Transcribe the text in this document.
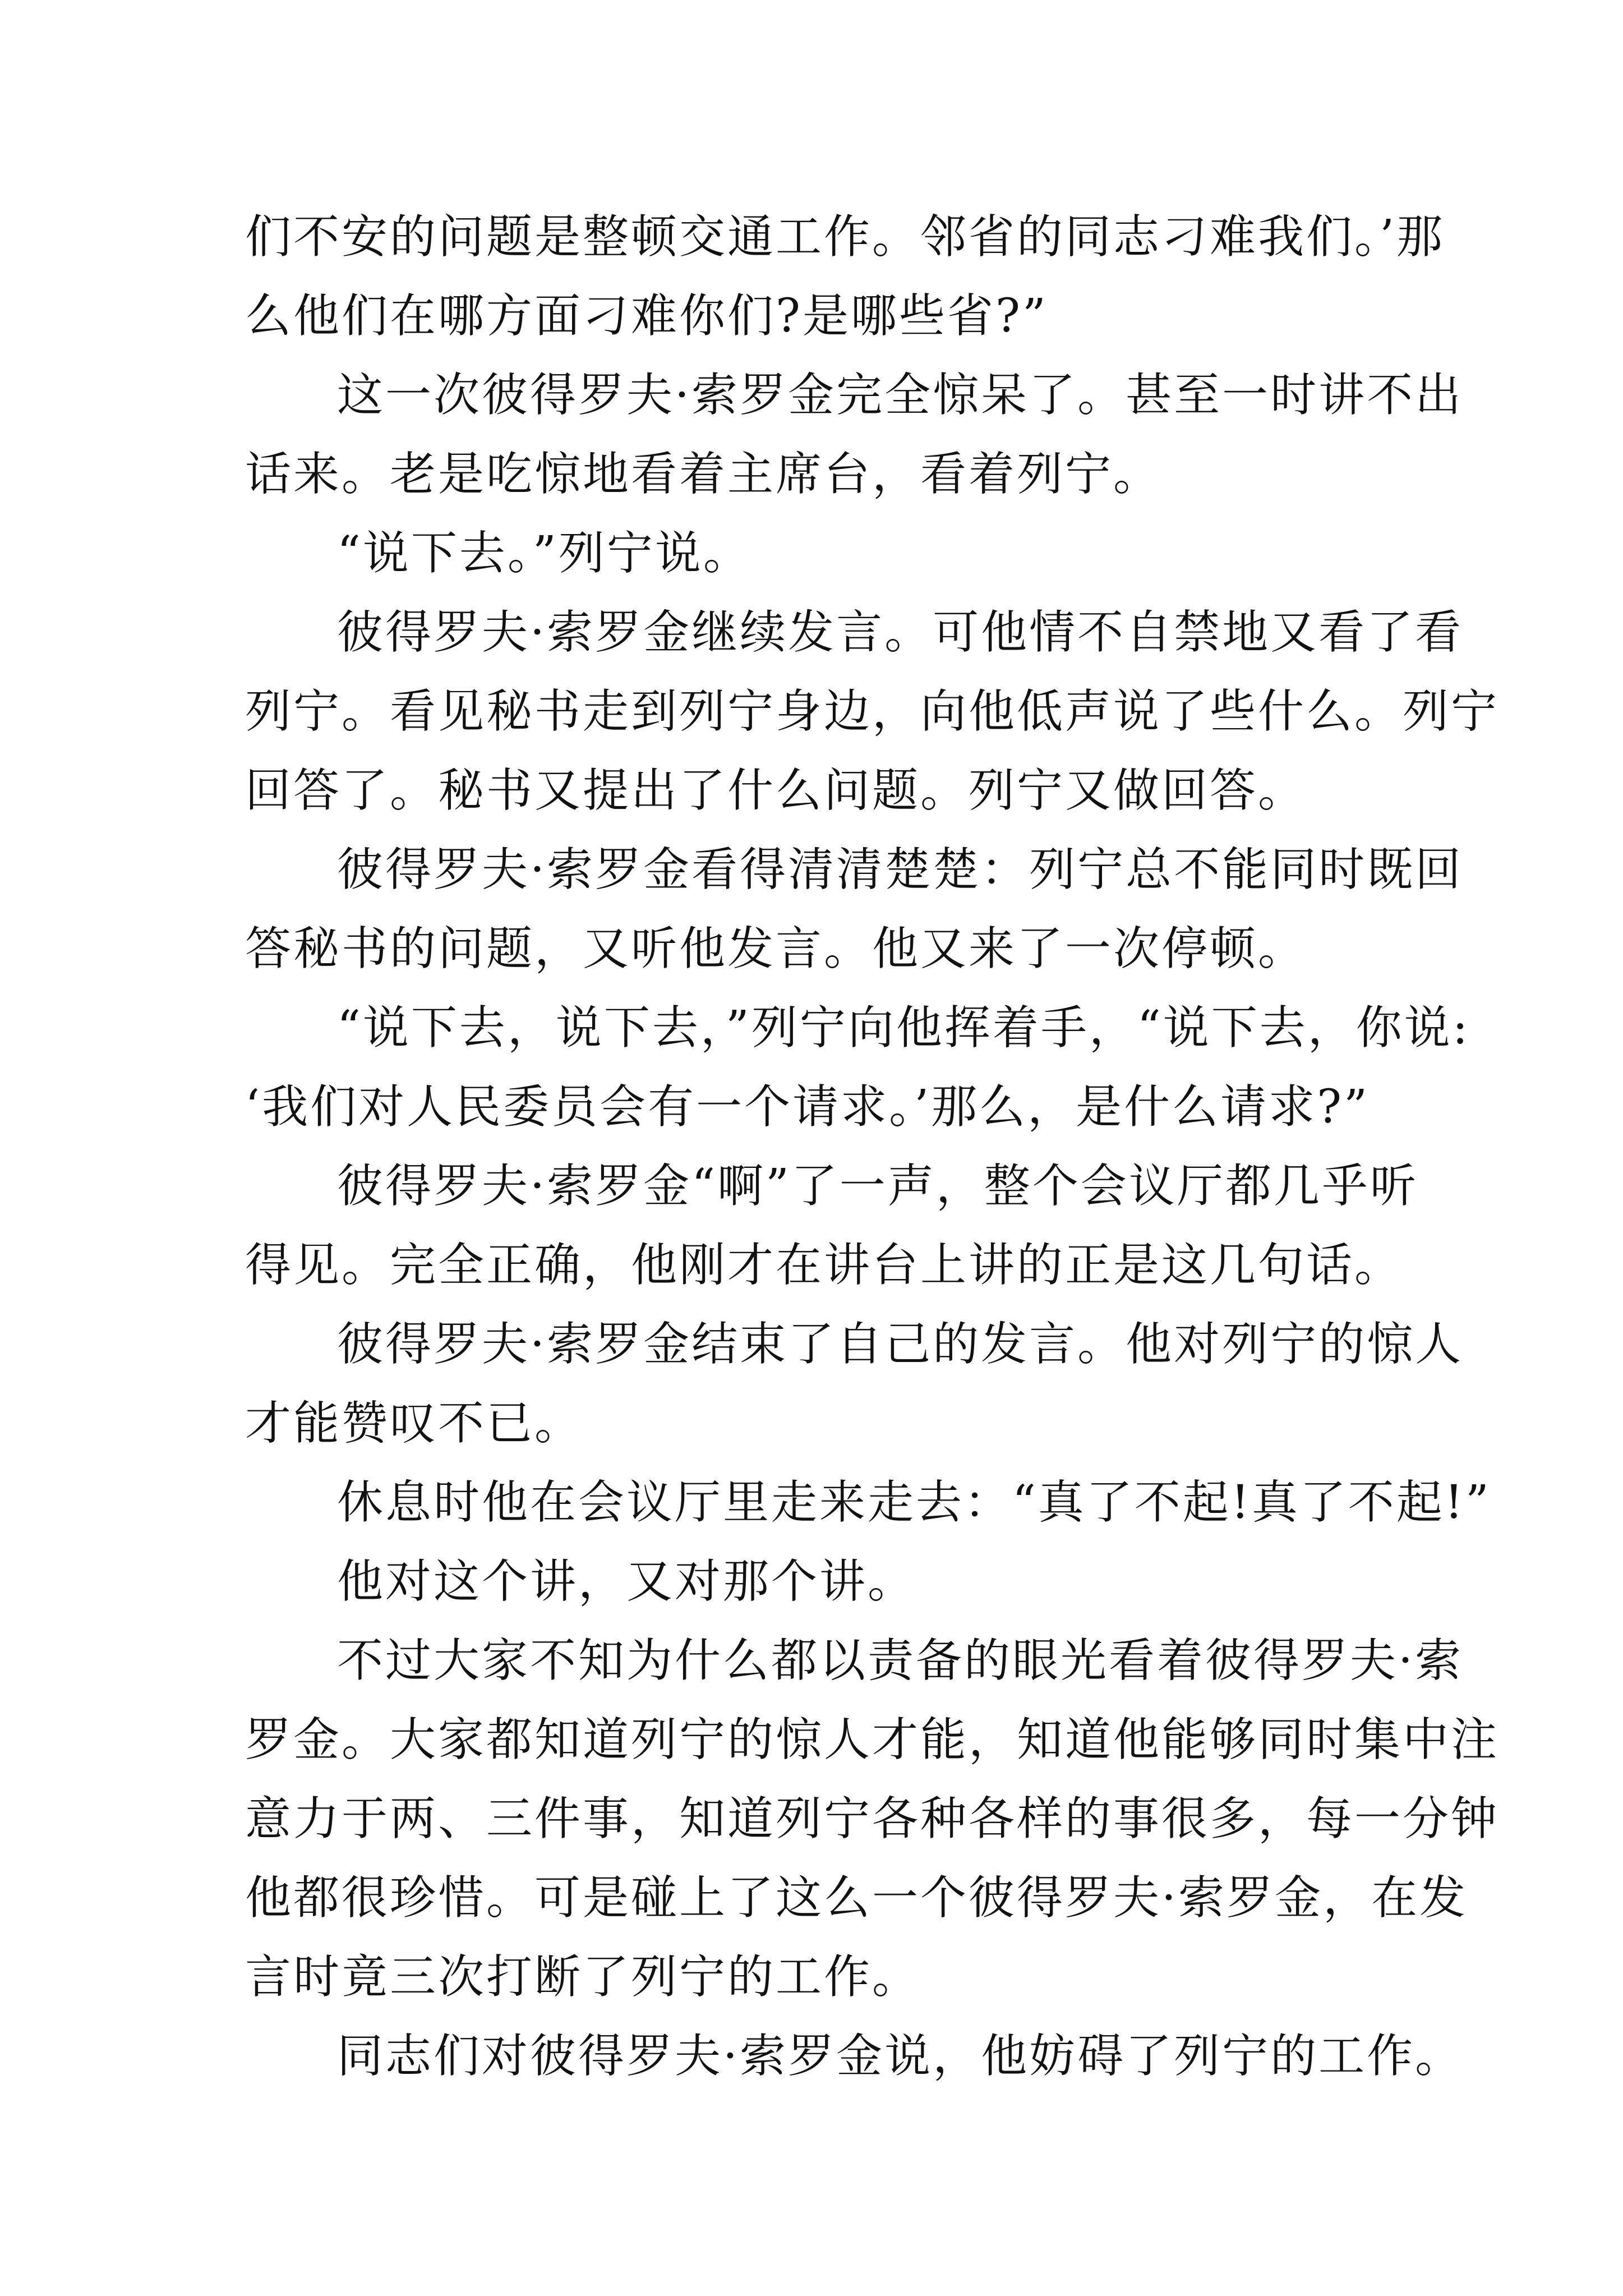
们不安的问题是整顿交通工作。邻省的同志刁难我们。’那
么他们在哪方面刁难你们?是哪些省?”
这一次彼得罗夫·索罗金完全惊呆了。甚至一时讲不出
话来。老是吃惊地看着主席台，看着列宁。
“说下去。”列宁说。
彼得罗夫·索罗金继续发言。可他情不自禁地又看了看
列宁。看见秘书走到列宁身边，向他低声说了些什么。列宁
回答了。秘书又提出了什么问题。列宁又做回答。
彼得罗夫·索罗金看得清清楚楚：列宁总不能同时既回
答秘书的问题，又听他发言。他又来了一次停顿。
“说下去，说下去，”列宁向他挥着手，“说下去，你说:
‘我们对人民委员会有一个请求。’那么，是什么请求?”
彼得罗夫·索罗金“啊”了一声，整个会议厅都几乎听
得见。完全正确，他刚才在讲台上讲的正是这几句话。
彼得罗夫·索罗金结束了自己的发言。他对列宁的惊人
才能赞叹不已。
休息时他在会议厅里走来走去：“真了不起!真了不起!”
他对这个讲，又对那个讲。
不过大家不知为什么都以责备的眼光看着彼得罗夫·索
罗金。大家都知道列宁的惊人才能，知道他能够同时集中注
意力于两、三件事，知道列宁各种各样的事很多，每一分钟
他都很珍惜。可是碰上了这么一个彼得罗夫·索罗金，在发
言时竟三次打断了列宁的工作。
同志们对彼得罗夫·索罗金说，他妨碍了列宁的工作。
